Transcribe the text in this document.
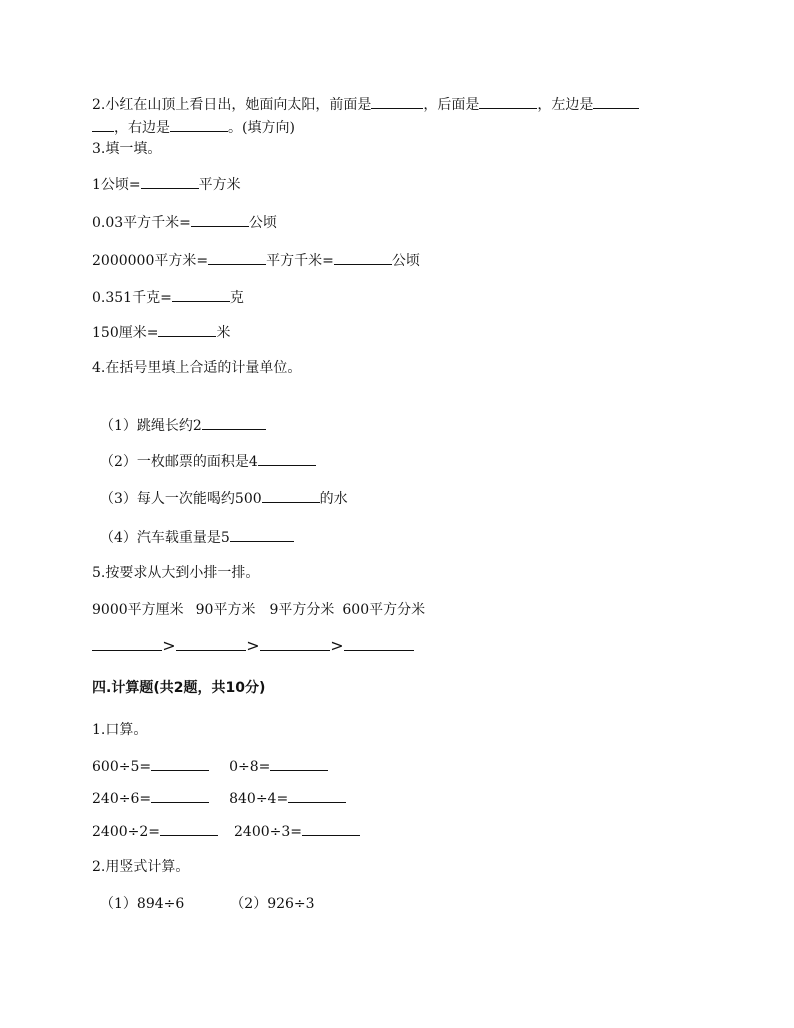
2.小红在山顶上看日出，她面向太阳，前面是	，后面是	，左边是
，右边是	。(填方向)
3.填一填。
1公顷=	平方米
0.03平方千米=	公顷
2000000平方米=	平方千米=	公顷
0.351千克=	克
150厘米=	米
4.在括号里填上合适的计量单位。
（1）跳绳长约2
（2）一枚邮票的面积是4
（3）每人一次能喝约500	的水
（4）汽车载重量是5
5.按要求从大到小排一排。
9000平方厘米 90平方米 9平方分米 600平方分米
>	>	>
四.计算题(共2题，共10分)
1.口算。
600÷5=	0÷8=
240÷6=	840÷4=
2400÷2=	2400÷3=
2.用竖式计算。
（1）894÷6	（2）926÷3
